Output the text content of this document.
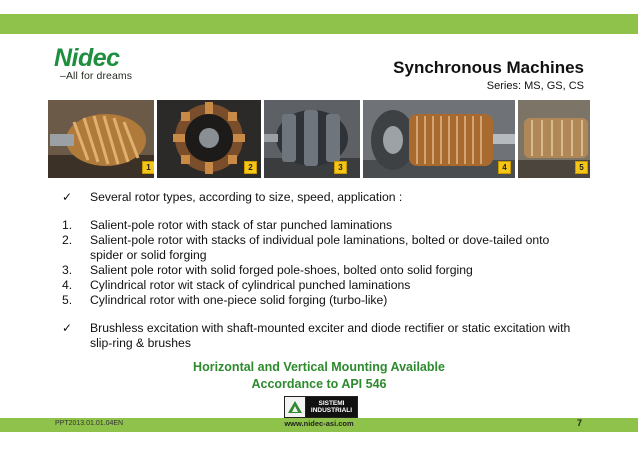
Nidec
–All for dreams	Synchronous Machines
Series: MS, GS, CS
1	2	3	4	5
✓ Several rotor types, according to size, speed, application :
1. Salient-pole rotor with stack of star punched laminations
2. Salient-pole rotor with stacks of individual pole laminations, bolted or dove-tailed onto
spider or solid forging
3. Salient pole rotor with solid forged pole-shoes, bolted onto solid forging
4. Cylindrical rotor wit stack of cylindrical punched laminations
5. Cylindrical rotor with one-piece solid forging (turbo-like)
✓ Brushless excitation with shaft-mounted exciter and diode rectifier or static excitation with
slip-ring & brushes
Horizontal and Vertical Mounting Available
Accordance to API 546
SISTEMI
INDUSTRIALI
PPT2013.01.01.04EN	www.nidec-asi.com	7
